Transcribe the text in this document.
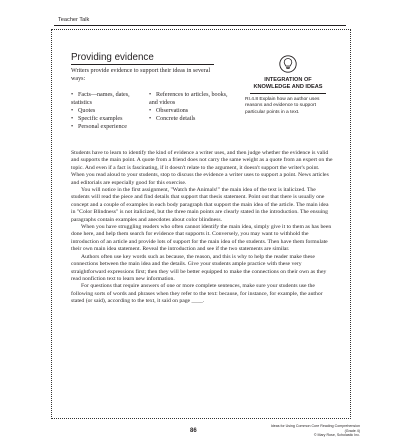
Teacher Talk
Providing evidence
Writers provide evidence to support their ideas in several ways:
• Facts—names, dates, statistics
• Quotes
• Specific examples
• Personal experience
• References to articles, books, and videos
• Observations
• Concrete details
INTEGRATION OF
KNOWLEDGE AND IDEAS
RI.4.8 Explain how an author uses reasons and evidence to support particular points in a text.

Students have to learn to identify the kind of evidence a writer uses, and then judge whether the evidence is valid and supports the main point. A quote from a friend does not carry the same weight as a quote from an expert on the topic. And even if a fact is fascinating, if it doesn't relate to the argument, it doesn't support the writer's point. When you read aloud to your students, stop to discuss the evidence a writer uses to support a point. News articles and editorials are especially good for this exercise.

You will notice in the first assignment, "Watch the Animals!" the main idea of the text is italicized. The students will read the piece and find details that support that thesis statement. Point out that there is usually one concept and a couple of examples in each body paragraph that support the main idea of the article. The main idea in "Color Blindness" is not italicized, but the three main points are clearly stated in the introduction. The ensuing paragraphs contain examples and anecdotes about color blindness.

When you have struggling readers who often cannot identify the main idea, simply give it to them as has been done here, and help them search for evidence that supports it. Conversely, you may want to withhold the introduction of an article and provide lots of support for the main idea of the students. Then have them formulate their own main idea statement. Reveal the introduction and see if the two statements are similar.

Authors often use key words such as because, the reason, and this is why to help the reader make these connections between the main idea and the details. Give your students ample practice with these very straightforward expressions first; then they will be better equipped to make the connections on their own as they read nonfiction text to learn new information.

For questions that require answers of one or more complete sentences, make sure your students use the following sorts of words and phrases when they refer to the text: because, for instance, for example, the author stated (or said), according to the text, it said on page ____.

86
Ideas for Using Common Core Reading Comprehension (Grade 4)
© Mary Rose, Scholastic Inc.
